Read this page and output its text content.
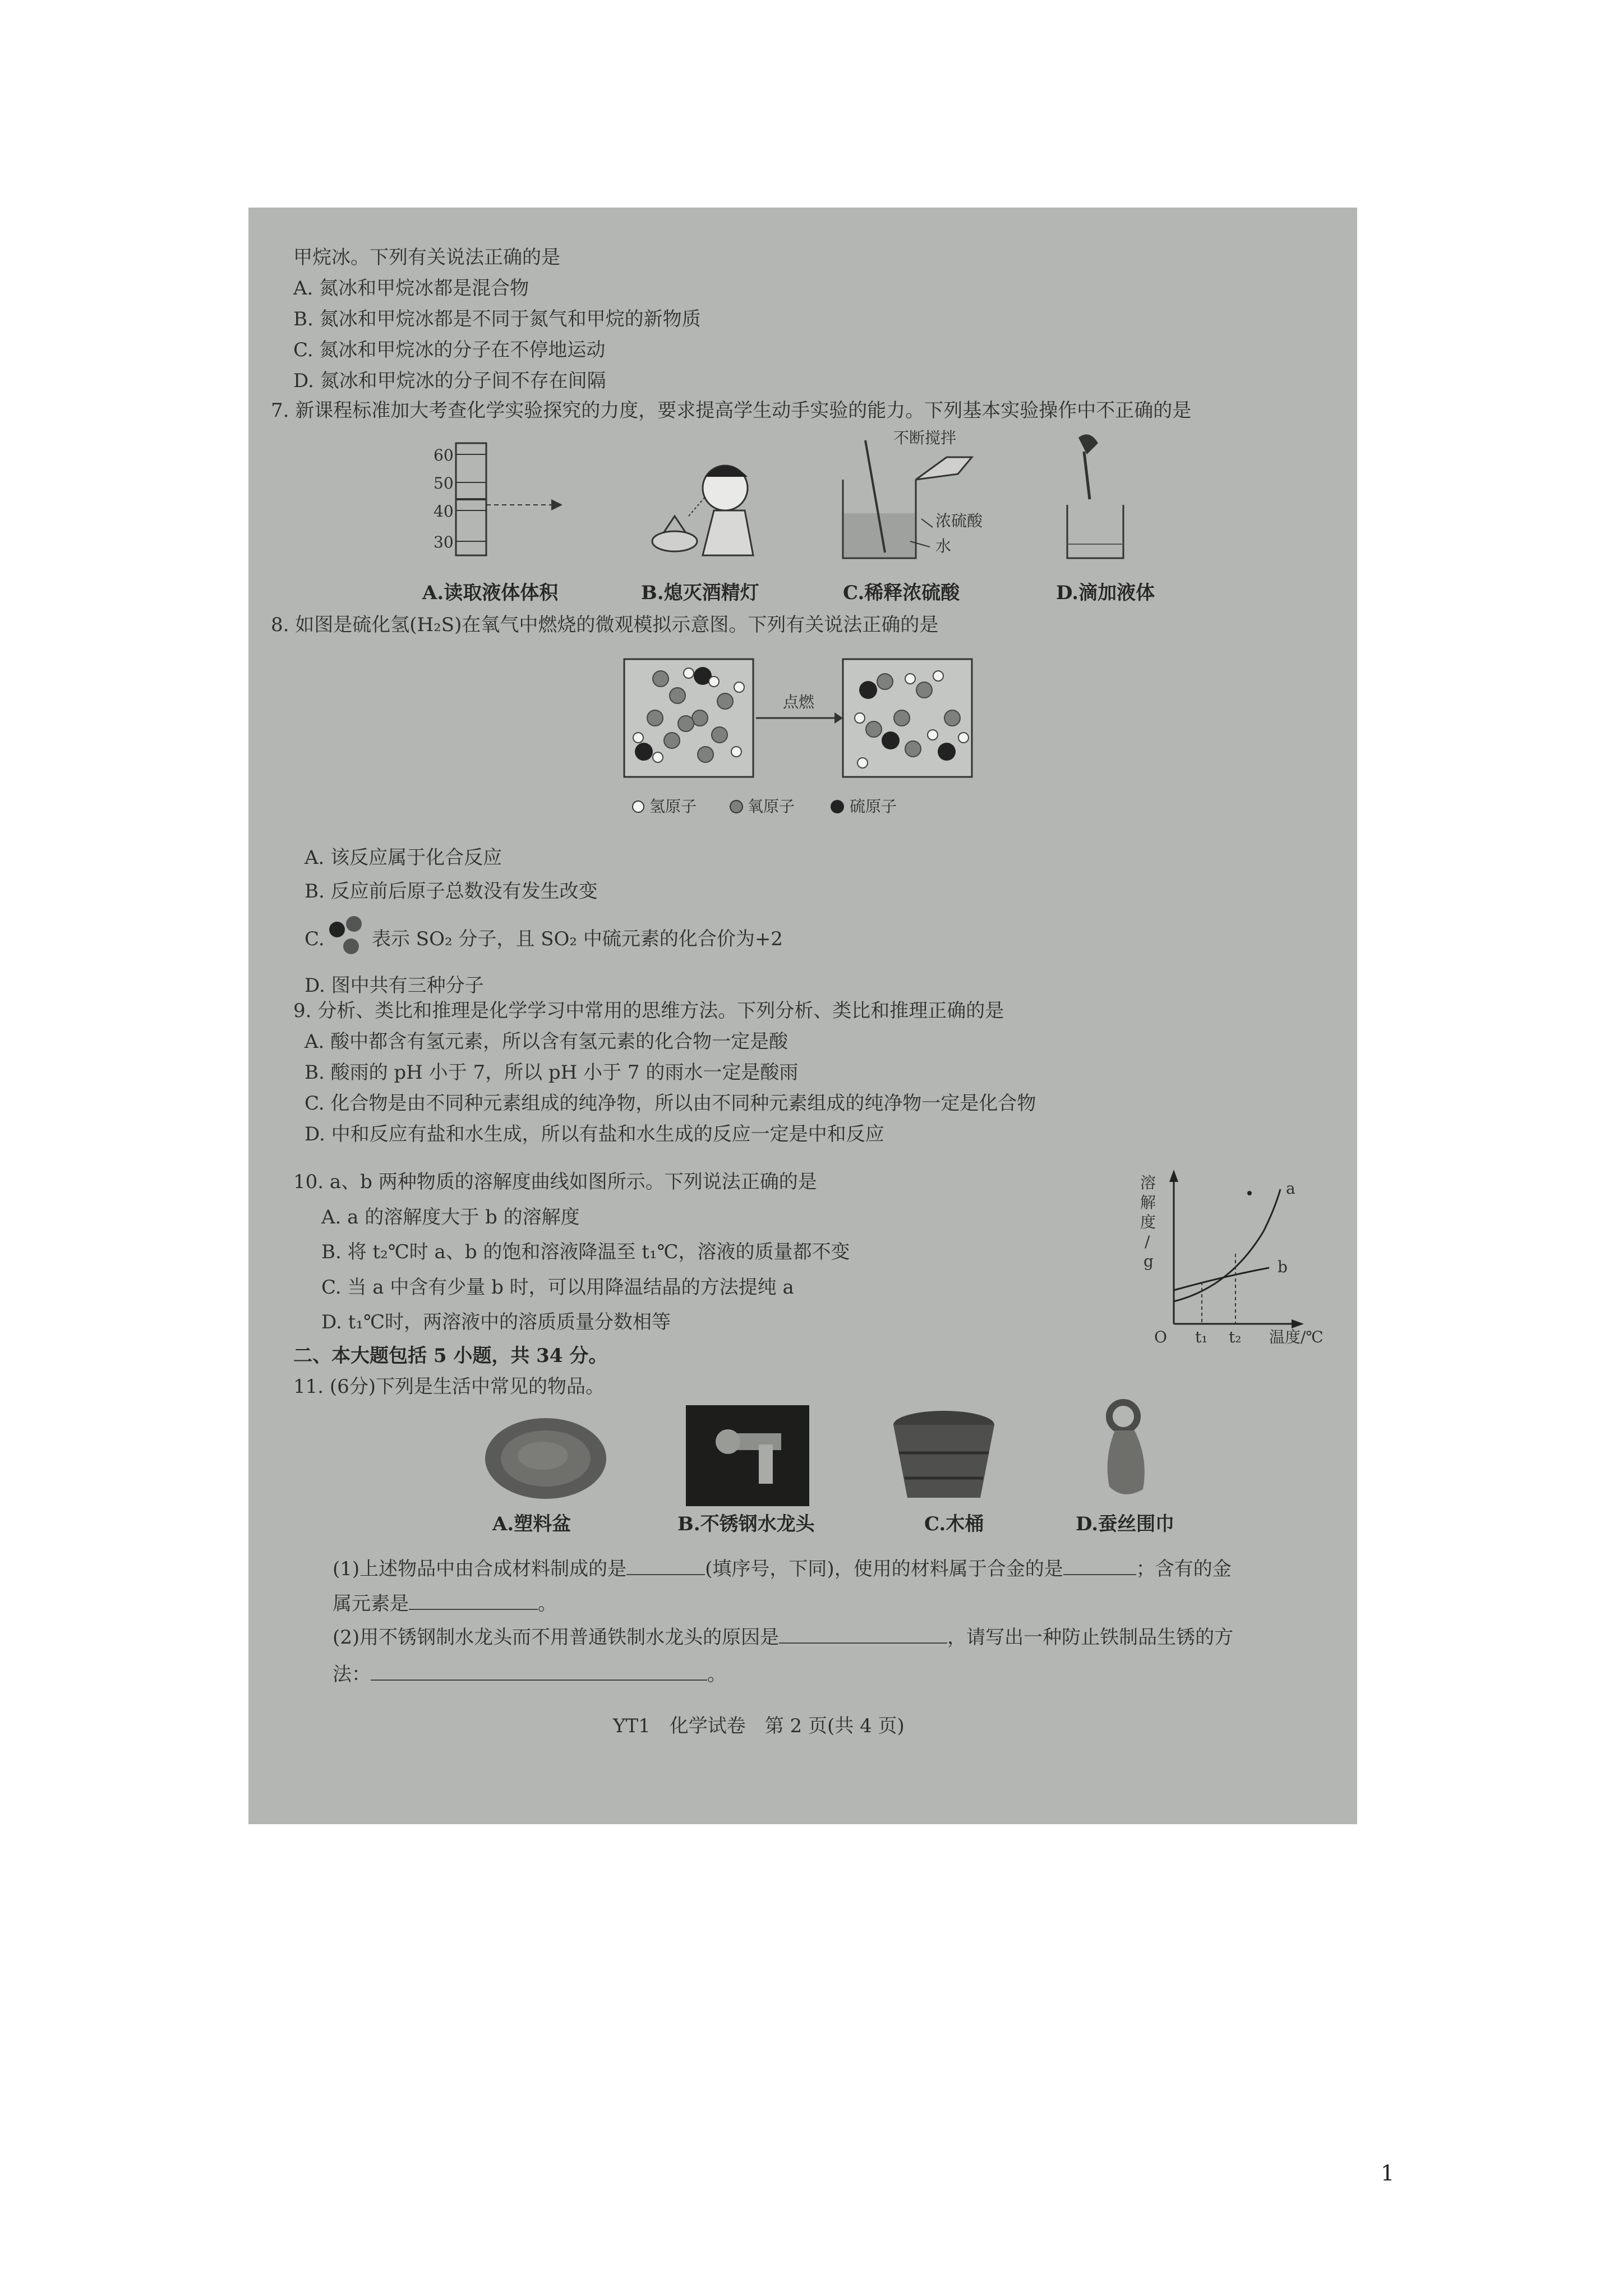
甲烷冰。下列有关说法正确的是
A. 氮冰和甲烷冰都是混合物
B. 氮冰和甲烷冰都是不同于氮气和甲烷的新物质
C. 氮冰和甲烷冰的分子在不停地运动
D. 氮冰和甲烷冰的分子间不存在间隔
7. 新课程标准加大考查化学实验探究的力度，要求提高学生动手实验的能力。下列基本实验操作中不正确的是
60
50
40
30
不断搅拌
浓硫酸
水
A.读取液体体积	B.熄灭酒精灯	C.稀释浓硫酸	D.滴加液体
8. 如图是硫化氢(H₂S)在氧气中燃烧的微观模拟示意图。下列有关说法正确的是
点燃
氢原子	氧原子	硫原子
A. 该反应属于化合反应
B. 反应前后原子总数没有发生改变
C. 表示 SO₂ 分子，且 SO₂ 中硫元素的化合价为+2
D. 图中共有三种分子
9. 分析、类比和推理是化学学习中常用的思维方法。下列分析、类比和推理正确的是
A. 酸中都含有氢元素，所以含有氢元素的化合物一定是酸
B. 酸雨的 pH 小于 7，所以 pH 小于 7 的雨水一定是酸雨
C. 化合物是由不同种元素组成的纯净物，所以由不同种元素组成的纯净物一定是化合物
D. 中和反应有盐和水生成，所以有盐和水生成的反应一定是中和反应
10. a、b 两种物质的溶解度曲线如图所示。下列说法正确的是
A. a 的溶解度大于 b 的溶解度
B. 将 t₂℃时 a、b 的饱和溶液降温至 t₁℃，溶液的质量都不变
C. 当 a 中含有少量 b 时，可以用降温结晶的方法提纯 a
D. t₁℃时，两溶液中的溶质质量分数相等
溶
解
度
/
g
a
b
O t₁ t₂ 温度/℃
二、本大题包括 5 小题，共 34 分。
11. (6分)下列是生活中常见的物品。
A.塑料盆	B.不锈钢水龙头	C.木桶	D.蚕丝围巾
(1)上述物品中由合成材料制成的是	(填序号，下同)，使用的材料属于合金的是	；含有的金
属元素是	。
(2)用不锈钢制水龙头而不用普通铁制水龙头的原因是	，请写出一种防止铁制品生锈的方
法：	。
YT1　化学试卷　第 2 页(共 4 页)
1
